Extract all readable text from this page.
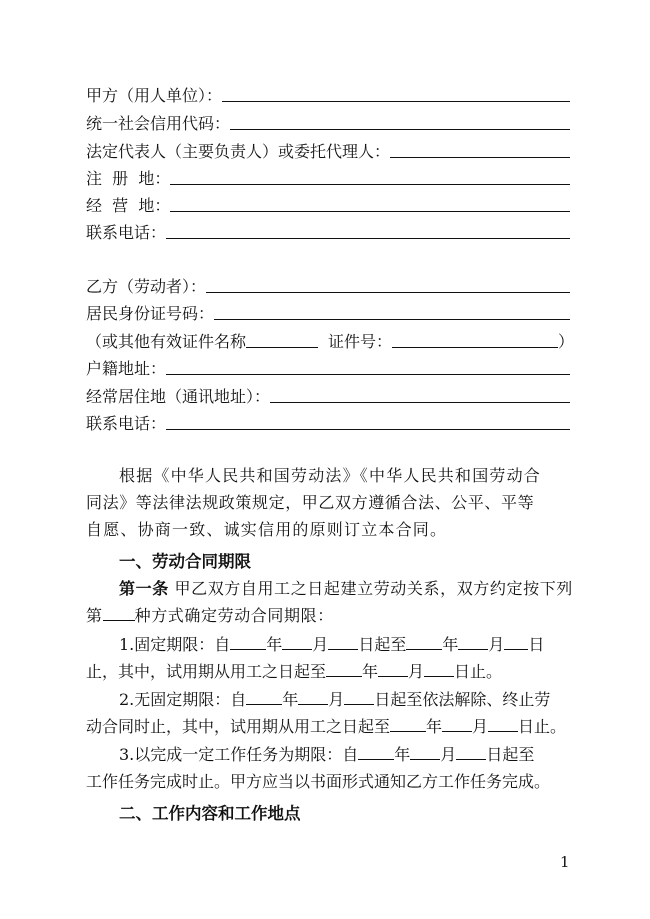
甲方（用人单位）：
统一社会信用代码：
法定代表人（主要负责人）或委托代理人：
注  册  地：
经  营  地：
联系电话：
乙方（劳动者）：
居民身份证号码：
（或其他有效证件名称	证件号：	）
户籍地址：
经常居住地（通讯地址）：
联系电话：
根据《中华人民共和国劳动法》《中华人民共和国劳动合
同法》等法律法规政策规定，甲乙双方遵循合法、公平、平等
自愿、协商一致、诚实信用的原则订立本合同。
一、劳动合同期限
第一条 甲乙双方自用工之日起建立劳动关系，双方约定按下列
第 种方式确定劳动合同期限：
1.固定期限：自 年 月 日起至 年 月 日
止，其中，试用期从用工之日起至 年 月 日止。
2.无固定期限：自 年 月 日起至依法解除、终止劳
动合同时止，其中，试用期从用工之日起至 年 月 日止。
3.以完成一定工作任务为期限：自 年 月 日起至
工作任务完成时止。甲方应当以书面形式通知乙方工作任务完成。
二、工作内容和工作地点
1
